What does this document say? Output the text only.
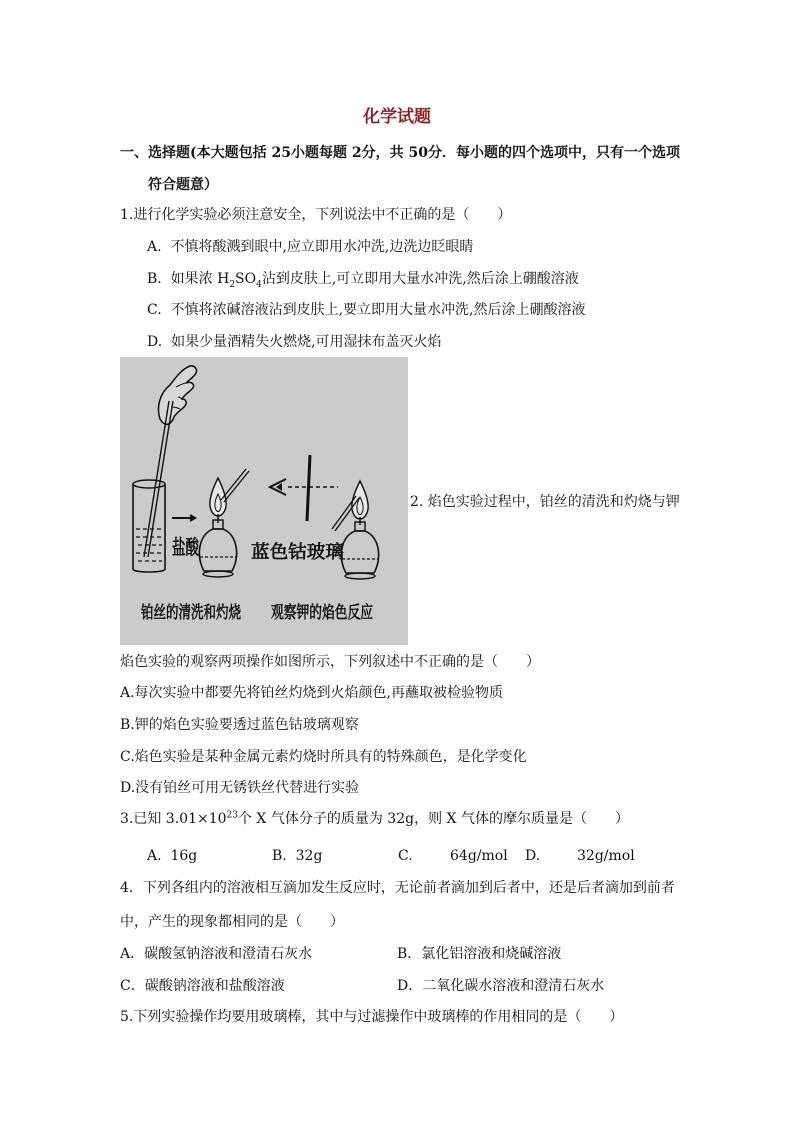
化学试题
一、选择题(本大题包括 25小题每题 2分，共 50分．每小题的四个选项中，只有一个选项
符合题意）
1.进行化学实验必须注意安全，下列说法中不正确的是（　　）
A.  不慎将酸溅到眼中,应立即用水冲洗,边洗边眨眼睛
B.  如果浓 $H_2SO_4$沾到皮肤上,可立即用大量水冲洗,然后涂上硼酸溶液
C.  不慎将浓碱溶液沾到皮肤上,要立即用大量水冲洗,然后涂上硼酸溶液
D.  如果少量酒精失火燃烧,可用湿抹布盖灭火焰
盐酸	蓝色钴玻璃
铂丝的清洗和灼烧
观察钾的焰色反应
2. 焰色实验过程中，铂丝的清洗和灼烧与钾
焰色实验的观察两项操作如图所示，下列叙述中不正确的是（　　）
A.每次实验中都要先将铂丝灼烧到火焰颜色,再蘸取被检验物质
B.钾的焰色实验要透过蓝色钴玻璃观察
C.焰色实验是某种金属元素灼烧时所具有的特殊颜色，是化学变化
D.没有铂丝可用无锈铁丝代替进行实验
3.已知 $3.01\times 10^{23}$个 X 气体分子的质量为 32g，则 X 气体的摩尔质量是（　　）
A.  16g	B.  32g	C.	64g/mol D.	32g/mol
4．下列各组内的溶液相互滴加发生反应时，无论前者滴加到后者中，还是后者滴加到前者
中，产生的现象都相同的是（　　）
A．碳酸氢钠溶液和澄清石灰水	B．氯化铝溶液和烧碱溶液
C．碳酸钠溶液和盐酸溶液	D．二氧化碳水溶液和澄清石灰水
5.下列实验操作均要用玻璃棒，其中与过滤操作中玻璃棒的作用相同的是（　　）
